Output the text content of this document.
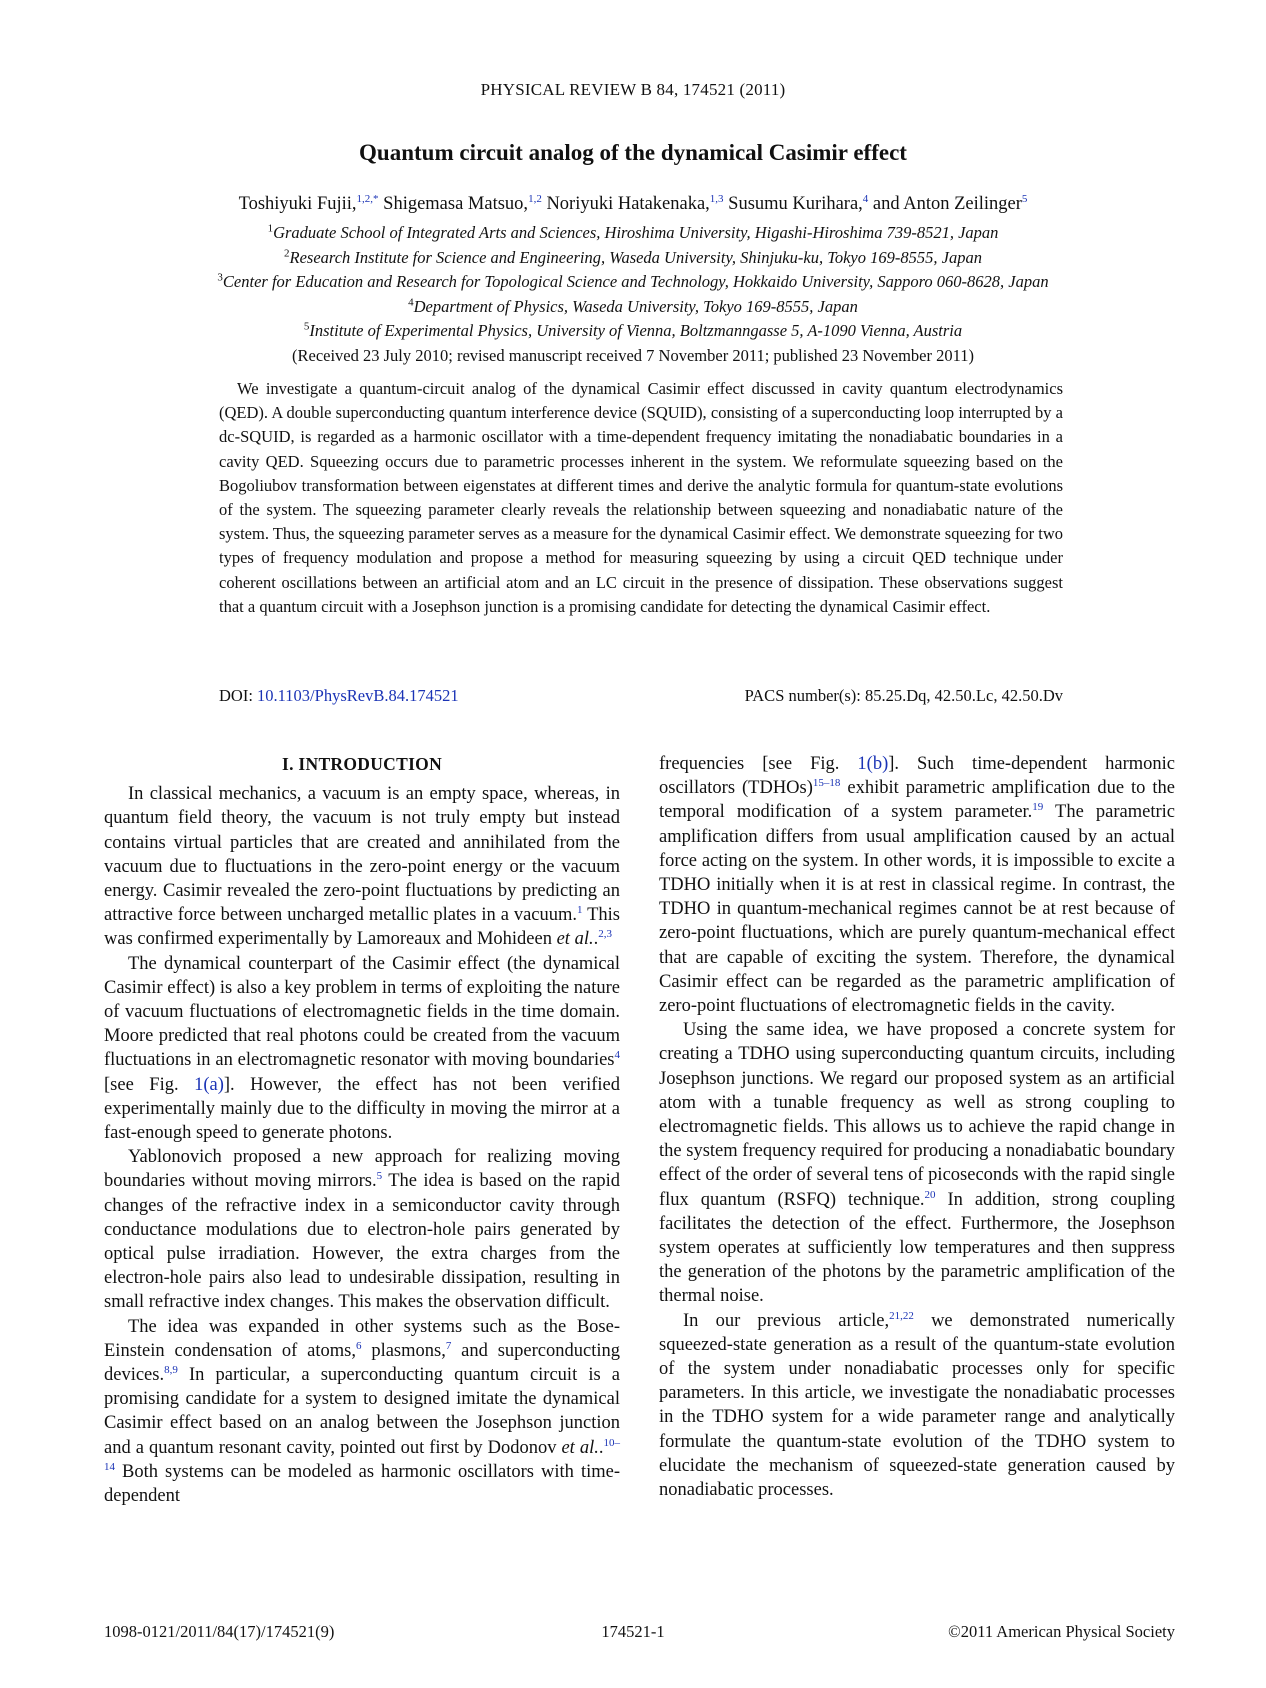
PHYSICAL REVIEW B 84, 174521 (2011)
Quantum circuit analog of the dynamical Casimir effect
Toshiyuki Fujii,$^{1,2,*}$ Shigemasa Matsuo,$^{1,2}$ Noriyuki Hatakenaka,$^{1,3}$ Susumu Kurihara,$^4$ and Anton Zeilinger$^5$
$^1$Graduate School of Integrated Arts and Sciences, Hiroshima University, Higashi-Hiroshima 739-8521, Japan
$^2$Research Institute for Science and Engineering, Waseda University, Shinjuku-ku, Tokyo 169-8555, Japan
$^3$Center for Education and Research for Topological Science and Technology, Hokkaido University, Sapporo 060-8628, Japan
$^4$Department of Physics, Waseda University, Tokyo 169-8555, Japan
$^5$Institute of Experimental Physics, University of Vienna, Boltzmanngasse 5, A-1090 Vienna, Austria
(Received 23 July 2010; revised manuscript received 7 November 2011; published 23 November 2011)
We investigate a quantum-circuit analog of the dynamical Casimir effect discussed in cavity quantum electrodynamics (QED). A double superconducting quantum interference device (SQUID), consisting of a superconducting loop interrupted by a dc-SQUID, is regarded as a harmonic oscillator with a time-dependent frequency imitating the nonadiabatic boundaries in a cavity QED. Squeezing occurs due to parametric processes inherent in the system. We reformulate squeezing based on the Bogoliubov transformation between eigenstates at different times and derive the analytic formula for quantum-state evolutions of the system. The squeezing parameter clearly reveals the relationship between squeezing and nonadiabatic nature of the system. Thus, the squeezing parameter serves as a measure for the dynamical Casimir effect. We demonstrate squeezing for two types of frequency modulation and propose a method for measuring squeezing by using a circuit QED technique under coherent oscillations between an artificial atom and an LC circuit in the presence of dissipation. These observations suggest that a quantum circuit with a Josephson junction is a promising candidate for detecting the dynamical Casimir effect.
DOI: 10.1103/PhysRevB.84.174521	PACS number(s): 85.25.Dq, 42.50.Lc, 42.50.Dv
I. INTRODUCTION

In classical mechanics, a vacuum is an empty space, whereas, in quantum field theory, the vacuum is not truly empty but instead contains virtual particles that are created and annihilated from the vacuum due to fluctuations in the zero-point energy or the vacuum energy. Casimir revealed the zero-point fluctuations by predicting an attractive force between uncharged metallic plates in a vacuum.$^1$ This was confirmed experimentally by Lamoreaux and Mohideen et al..$^{2,3}$

The dynamical counterpart of the Casimir effect (the dynamical Casimir effect) is also a key problem in terms of exploiting the nature of vacuum fluctuations of electromagnetic fields in the time domain. Moore predicted that real photons could be created from the vacuum fluctuations in an electromagnetic resonator with moving boundaries$^4$ [see Fig. 1(a)]. However, the effect has not been verified experimentally mainly due to the difficulty in moving the mirror at a fast-enough speed to generate photons.

Yablonovich proposed a new approach for realizing moving boundaries without moving mirrors.$^5$ The idea is based on the rapid changes of the refractive index in a semiconductor cavity through conductance modulations due to electron-hole pairs generated by optical pulse irradiation. However, the extra charges from the electron-hole pairs also lead to undesirable dissipation, resulting in small refractive index changes. This makes the observation difficult.

The idea was expanded in other systems such as the Bose-Einstein condensation of atoms,$^6$ plasmons,$^7$ and superconducting devices.$^{8,9}$ In particular, a superconducting quantum circuit is a promising candidate for a system to designed imitate the dynamical Casimir effect based on an analog between the Josephson junction and a quantum resonant cavity, pointed out first by Dodonov et al..$^{10-14}$ Both systems can be modeled as harmonic oscillators with time-dependent

frequencies [see Fig. 1(b)]. Such time-dependent harmonic oscillators (TDHOs)$^{15-18}$ exhibit parametric amplification due to the temporal modification of a system parameter.$^{19}$ The parametric amplification differs from usual amplification caused by an actual force acting on the system. In other words, it is impossible to excite a TDHO initially when it is at rest in classical regime. In contrast, the TDHO in quantum-mechanical regimes cannot be at rest because of zero-point fluctuations, which are purely quantum-mechanical effect that are capable of exciting the system. Therefore, the dynamical Casimir effect can be regarded as the parametric amplification of zero-point fluctuations of electromagnetic fields in the cavity.

Using the same idea, we have proposed a concrete system for creating a TDHO using superconducting quantum circuits, including Josephson junctions. We regard our proposed system as an artificial atom with a tunable frequency as well as strong coupling to electromagnetic fields. This allows us to achieve the rapid change in the system frequency required for producing a nonadiabatic boundary effect of the order of several tens of picoseconds with the rapid single flux quantum (RSFQ) technique.$^{20}$ In addition, strong coupling facilitates the detection of the effect. Furthermore, the Josephson system operates at sufficiently low temperatures and then suppress the generation of the photons by the parametric amplification of the thermal noise.

In our previous article,$^{21,22}$ we demonstrated numerically squeezed-state generation as a result of the quantum-state evolution of the system under nonadiabatic processes only for specific parameters. In this article, we investigate the nonadiabatic processes in the TDHO system for a wide parameter range and analytically formulate the quantum-state evolution of the TDHO system to elucidate the mechanism of squeezed-state generation caused by nonadiabatic processes.

1098-0121/2011/84(17)/174521(9)	174521-1	©2011 American Physical Society
